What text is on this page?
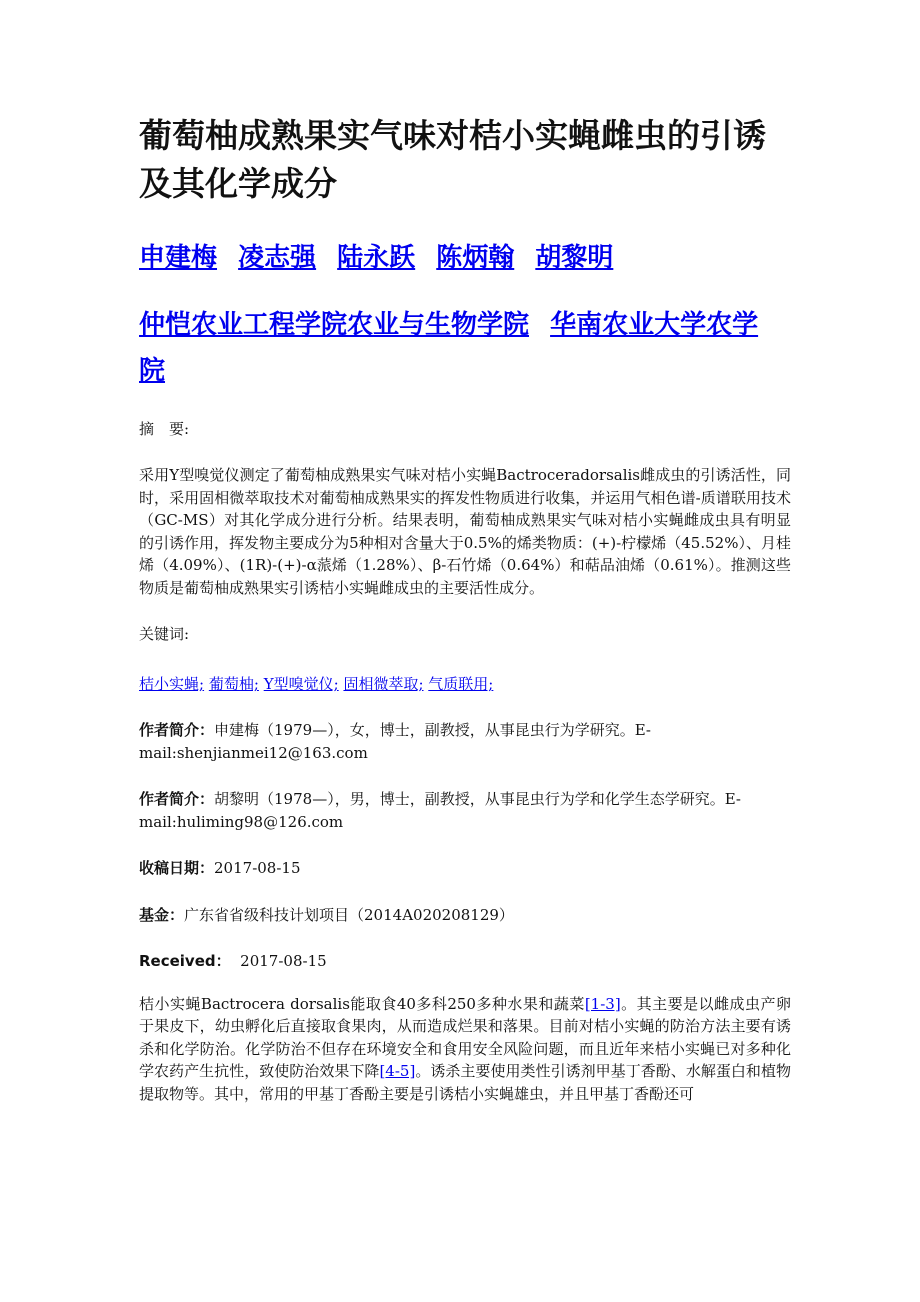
葡萄柚成熟果实气味对桔小实蝇雌虫的引诱及其化学成分
申建梅 凌志强 陆永跃 陈炳翰 胡黎明
仲恺农业工程学院农业与生物学院 华南农业大学农学院
摘　要:

采用Y型嗅觉仪测定了葡萄柚成熟果实气味对桔小实蝇Bactroceradorsalis雌成虫的引诱活性，同时，采用固相微萃取技术对葡萄柚成熟果实的挥发性物质进行收集，并运用气相色谱-质谱联用技术（GC-MS）对其化学成分进行分析。结果表明，葡萄柚成熟果实气味对桔小实蝇雌成虫具有明显的引诱作用，挥发物主要成分为5种相对含量大于0.5%的烯类物质：(+)-柠檬烯（45.52%）、月桂烯（4.09%）、(1R)-(+)-α蒎烯（1.28%）、β-石竹烯（0.64%）和萜品油烯（0.61%）。推测这些物质是葡萄柚成熟果实引诱桔小实蝇雌成虫的主要活性成分。

关键词:
桔小实蝇; 葡萄柚; Y型嗅觉仪; 固相微萃取; 气质联用;
作者简介：申建梅（1979—），女，博士，副教授，从事昆虫行为学研究。E-mail:shenjianmei12@163.com
作者简介：胡黎明（1978—），男，博士，副教授，从事昆虫行为学和化学生态学研究。E-mail:huliming98@126.com
收稿日期：2017-08-15
基金：广东省省级科技计划项目（2014A020208129）
Received： 2017-08-15

桔小实蝇Bactrocera dorsalis能取食40多科250多种水果和蔬菜[1-3]。其主要是以雌成虫产卵于果皮下，幼虫孵化后直接取食果肉，从而造成烂果和落果。目前对桔小实蝇的防治方法主要有诱杀和化学防治。化学防治不但存在环境安全和食用安全风险问题，而且近年来桔小实蝇已对多种化学农药产生抗性，致使防治效果下降[4-5]。诱杀主要使用类性引诱剂甲基丁香酚、水解蛋白和植物提取物等。其中，常用的甲基丁香酚主要是引诱桔小实蝇雄虫，并且甲基丁香酚还可
